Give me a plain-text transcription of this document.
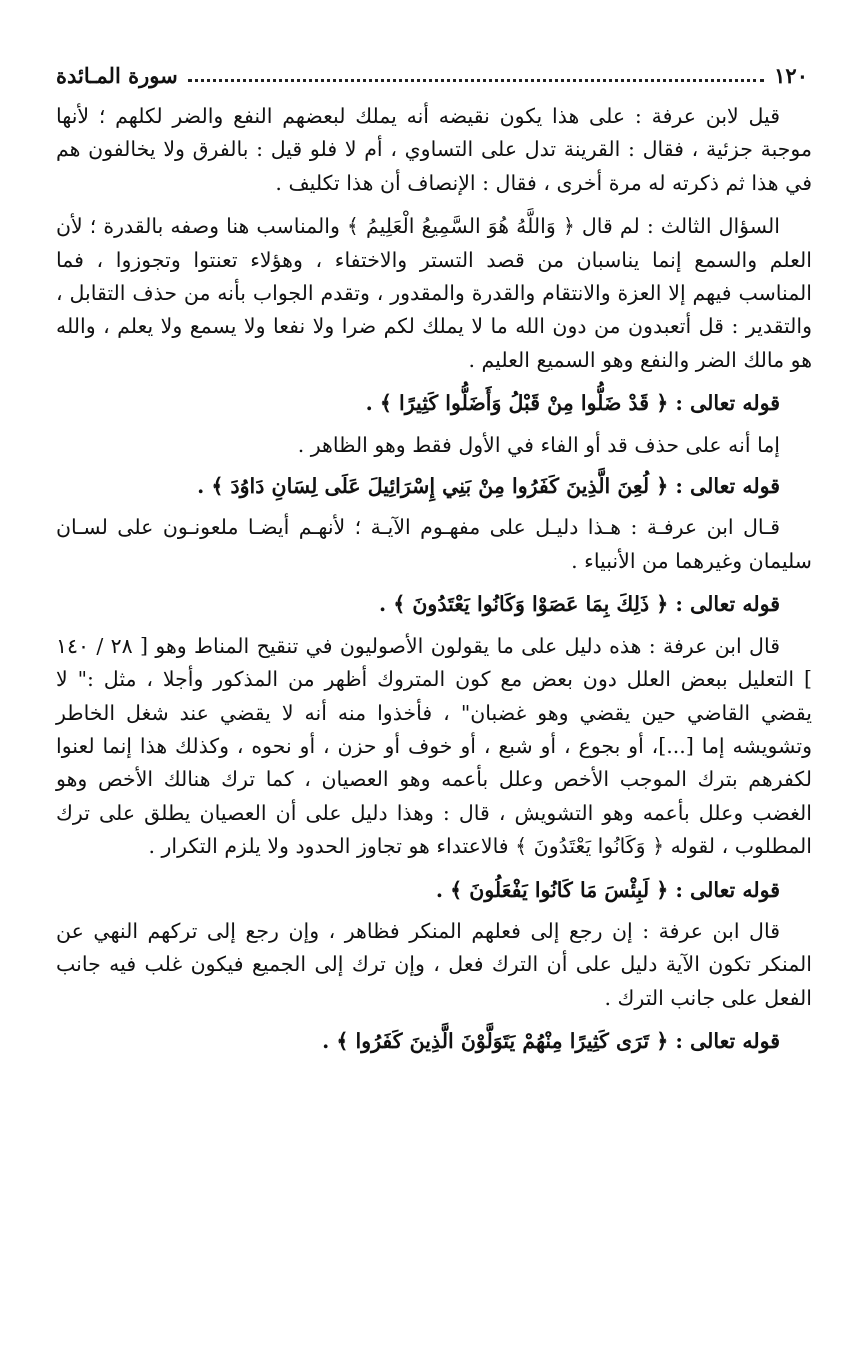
١٢٠
سورة المـائدة

قيل لابن عرفة : على هذا يكون نقيضه أنه يملك لبعضهم النفع والضر لكلهم ؛ لأنها موجبة جزئية ، فقال : القرينة تدل على التساوي ، أم لا فلو قيل : بالفرق ولا يخالفون هم في هذا ثم ذكرته له مرة أخرى ، فقال : الإنصاف أن هذا تكليف .

السؤال الثالث : لم قال ﴿ وَاللَّهُ هُوَ السَّمِيعُ الْعَلِيمُ ﴾ والمناسب هنا وصفه بالقدرة ؛ لأن العلم والسمع إنما يناسبان من قصد التستر والاختفاء ، وهؤلاء تعنتوا وتجوزوا ، فما المناسب فيهم إلا العزة والانتقام والقدرة والمقدور ، وتقدم الجواب بأنه من حذف التقابل ، والتقدير : قل أتعبدون من دون الله ما لا يملك لكم ضرا ولا نفعا ولا يسمع ولا يعلم ، والله هو مالك الضر والنفع وهو السميع العليم .

قوله تعالى : ﴿ قَدْ ضَلُّوا مِنْ قَبْلُ وَأَضَلُّوا كَثِيرًا ﴾ .

إما أنه على حذف قد أو الفاء في الأول فقط وهو الظاهر .

قوله تعالى : ﴿ لُعِنَ الَّذِينَ كَفَرُوا مِنْ بَنِي إِسْرَائِيلَ عَلَى لِسَانِ دَاوُدَ ﴾ .

قـال ابن عرفـة : هـذا دليـل على مفهـوم الآيـة ؛ لأنهـم أيضـا ملعونـون على لسـان سليمان وغيرهما من الأنبياء .

قوله تعالى : ﴿ ذَلِكَ بِمَا عَصَوْا وَكَانُوا يَعْتَدُونَ ﴾ .

قال ابن عرفة : هذه دليل على ما يقولون الأصوليون في تنقيح المناط وهو [ ٢٨ / ١٤٠ ] التعليل ببعض العلل دون بعض مع كون المتروك أظهر من المذكور وأجلا ، مثل :" لا يقضي القاضي حين يقضي وهو غضبان" ، فأخذوا منه أنه لا يقضي عند شغل الخاطر وتشويشه إما [...]، أو بجوع ، أو شبع ، أو خوف أو حزن ، أو نحوه ، وكذلك هذا إنما لعنوا لكفرهم بترك الموجب الأخص وعلل بأعمه وهو العصيان ، كما ترك هنالك الأخص وهو الغضب وعلل بأعمه وهو التشويش ، قال : وهذا دليل على أن العصيان يطلق على ترك المطلوب ، لقوله ﴿ وَكَانُوا يَعْتَدُونَ ﴾ فالاعتداء هو تجاوز الحدود ولا يلزم التكرار .

قوله تعالى : ﴿ لَبِئْسَ مَا كَانُوا يَفْعَلُونَ ﴾ .

قال ابن عرفة : إن رجع إلى فعلهم المنكر فظاهر ، وإن رجع إلى تركهم النهي عن المنكر تكون الآية دليل على أن الترك فعل ، وإن ترك إلى الجميع فيكون غلب فيه جانب الفعل على جانب الترك .

قوله تعالى : ﴿ تَرَى كَثِيرًا مِنْهُمْ يَتَوَلَّوْنَ الَّذِينَ كَفَرُوا ﴾ .
